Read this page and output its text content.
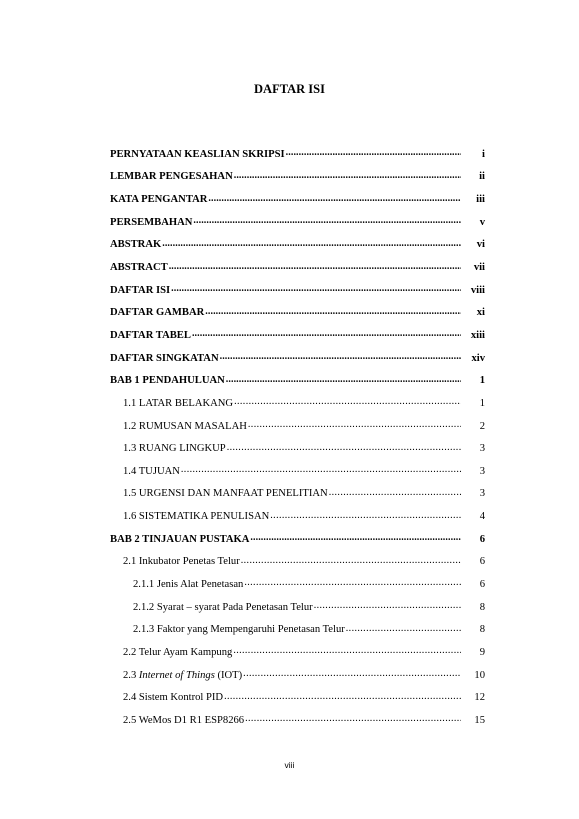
DAFTAR ISI
PERNYATAAN KEASLIAN SKRIPSI .....	i
LEMBAR PENGESAHAN .....	ii
KATA PENGANTAR .....	iii
PERSEMBAHAN .....	v
ABSTRAK .....	vi
ABSTRACT .....	vii
DAFTAR ISI .....	viii
DAFTAR GAMBAR .....	xi
DAFTAR TABEL .....	xiii
DAFTAR SINGKATAN .....	xiv
BAB 1 PENDAHULUAN .....	1
1.1 LATAR BELAKANG .....	1
1.2 RUMUSAN MASALAH .....	2
1.3 RUANG LINGKUP .....	3
1.4 TUJUAN .....	3
1.5 URGENSI DAN MANFAAT PENELITIAN .....	3
1.6 SISTEMATIKA PENULISAN .....	4
BAB 2 TINJAUAN PUSTAKA .....	6
2.1 Inkubator Penetas Telur .....	6
2.1.1 Jenis Alat Penetasan .....	6
2.1.2 Syarat – syarat Pada Penetasan Telur .....	8
2.1.3 Faktor yang Mempengaruhi Penetasan Telur .....	8
2.2 Telur Ayam Kampung .....	9
2.3 Internet of Things (IOT) .....	10
2.4 Sistem Kontrol PID .....	12
2.5 WeMos D1 R1 ESP8266 .....	15
viii
